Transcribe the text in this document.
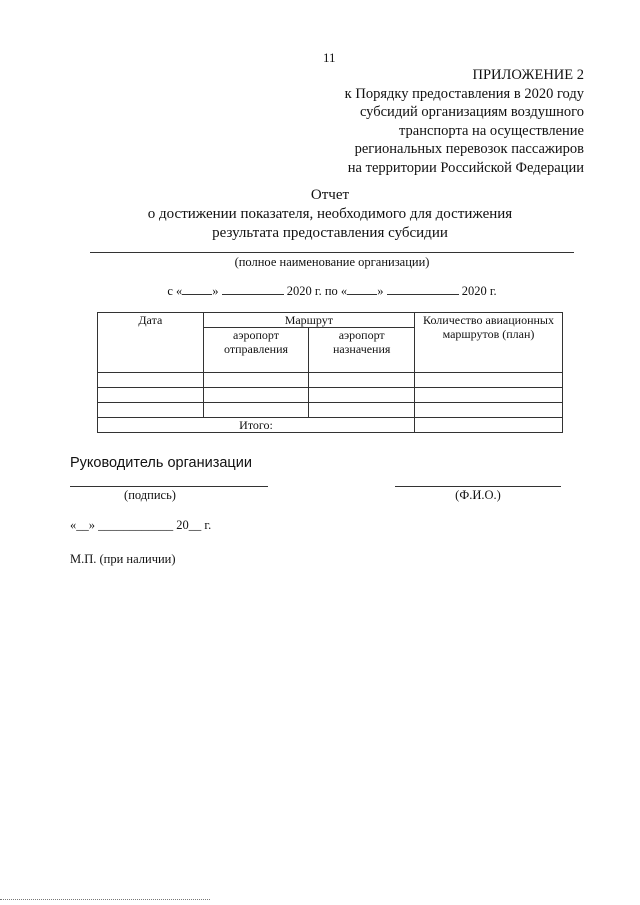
11
ПРИЛОЖЕНИЕ 2
к Порядку предоставления в 2020 году
субсидий организациям воздушного
транспорта на осуществление
региональных перевозок пассажиров
на территории Российской Федерации
Отчет
о достижении показателя, необходимого для достижения
результата предоставления субсидии
(полное наименование организации)
с « »	2020 г. по « »	2020 г.
Дата	Маршрут		Количество авиационных маршрутов (план)
	аэропорт отправления	аэропорт назначения	

Итого:			
Руководитель организации
(подпись)	(Ф.И.О.)
«__» ____________ 20__ г.
М.П. (при наличии)
